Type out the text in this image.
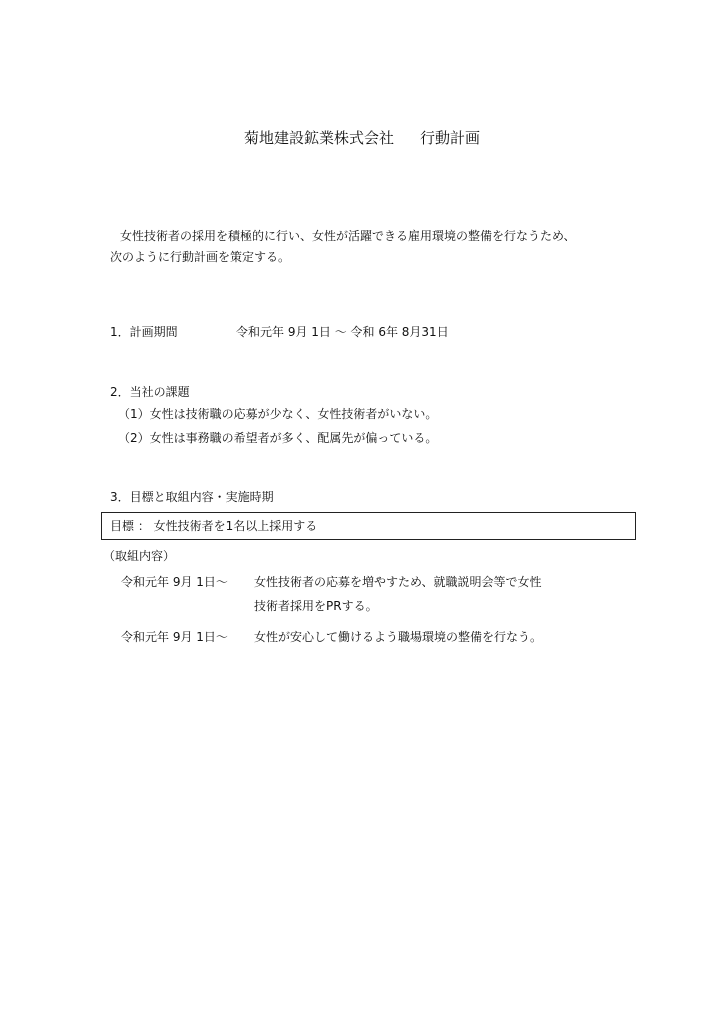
菊地建設鉱業株式会社 行動計画
女性技術者の採用を積極的に行い、女性が活躍できる雇用環境の整備を行なうため、
次のように行動計画を策定する。
1．計画期間	令和元年 9月 1日 〜 令和 6年 8月31日
2．当社の課題
（1）女性は技術職の応募が少なく、女性技術者がいない。
（2）女性は事務職の希望者が多く、配属先が偏っている。
3．目標と取組内容・実施時期
目標 ： 女性技術者を1名以上採用する
（取組内容）
令和元年 9月 1日〜 女性技術者の応募を増やすため、就職説明会等で女性
技術者採用をPRする。
令和元年 9月 1日〜 女性が安心して働けるよう職場環境の整備を行なう。
